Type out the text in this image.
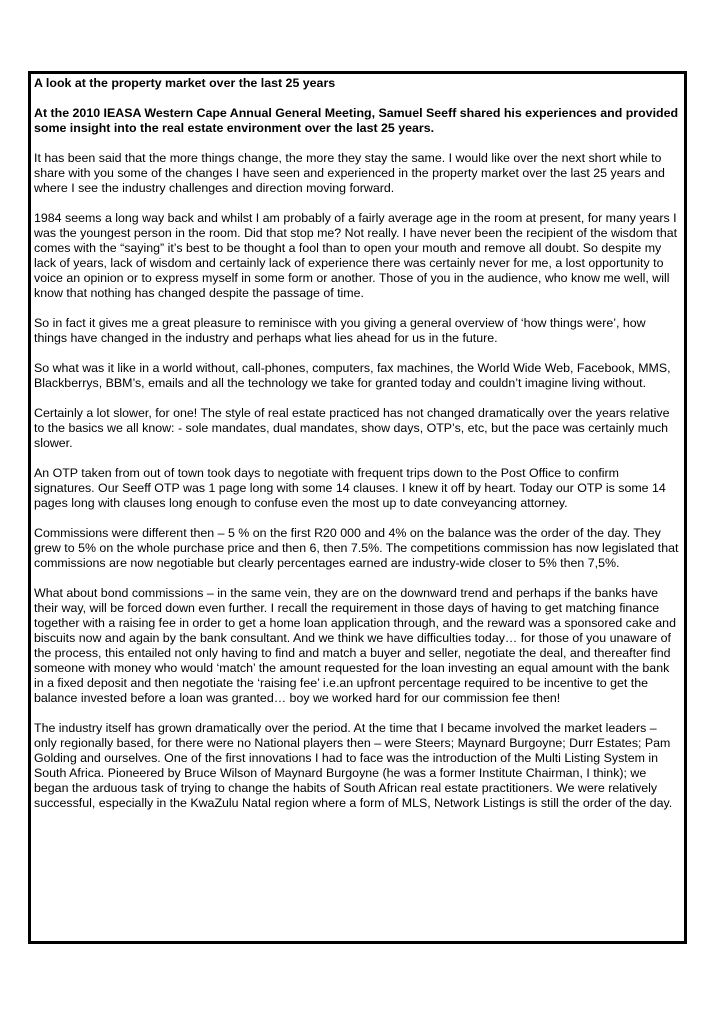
A look at the property market over the last 25 years
At the 2010 IEASA Western Cape Annual General Meeting, Samuel Seeff shared his experiences and provided some insight into the real estate environment over the last 25 years.
It has been said that the more things change, the more they stay the same. I would like over the next short while to share with you some of the changes I have seen and experienced in the property market over the last 25 years and where I see the industry challenges and direction moving forward.
1984 seems a long way back and whilst I am probably of a fairly average age in the room at present, for many years I was the youngest person in the room. Did that stop me? Not really. I have never been the recipient of the wisdom that comes with the “saying” it’s best to be thought a fool than to open your mouth and remove all doubt. So despite my lack of years, lack of wisdom and certainly lack of experience there was certainly never for me, a lost opportunity to voice an opinion or to express myself in some form or another. Those of you in the audience, who know me well, will know that nothing has changed despite the passage of time.
So in fact it gives me a great pleasure to reminisce with you giving a general overview of ‘how things were’, how things have changed in the industry and perhaps what lies ahead for us in the future.
So what was it like in a world without, call-phones, computers, fax machines, the World Wide Web, Facebook, MMS, Blackberrys, BBM’s, emails and all the technology we take for granted today and couldn’t imagine living without.
Certainly a lot slower, for one! The style of real estate practiced has not changed dramatically over the years relative to the basics we all know: - sole mandates, dual mandates, show days, OTP’s, etc, but the pace was certainly much slower.
An OTP taken from out of town took days to negotiate with frequent trips down to the Post Office to confirm signatures. Our Seeff OTP was 1 page long with some 14 clauses. I knew it off by heart. Today our OTP is some 14 pages long with clauses long enough to confuse even the most up to date conveyancing attorney.
Commissions were different then – 5 % on the first R20 000 and 4% on the balance was the order of the day. They grew to 5% on the whole purchase price and then 6, then 7.5%. The competitions commission has now legislated that commissions are now negotiable but clearly percentages earned are industry-wide closer to 5% then 7,5%.
What about bond commissions – in the same vein, they are on the downward trend and perhaps if the banks have their way, will be forced down even further. I recall the requirement in those days of having to get matching finance together with a raising fee in order to get a home loan application through, and the reward was a sponsored cake and biscuits now and again by the bank consultant. And we think we have difficulties today… for those of you unaware of the process, this entailed not only having to find and match a buyer and seller, negotiate the deal, and thereafter find someone with money who would ‘match’ the amount requested for the loan investing an equal amount with the bank in a fixed deposit and then negotiate the ‘raising fee’ i.e.an upfront percentage required to be incentive to get the balance invested before a loan was granted… boy we worked hard for our commission fee then!
The industry itself has grown dramatically over the period. At the time that I became involved the market leaders – only regionally based, for there were no National players then – were Steers; Maynard Burgoyne; Durr Estates; Pam Golding and ourselves. One of the first innovations I had to face was the introduction of the Multi Listing System in South Africa. Pioneered by Bruce Wilson of Maynard Burgoyne (he was a former Institute Chairman, I think); we began the arduous task of trying to change the habits of South African real estate practitioners. We were relatively successful, especially in the KwaZulu Natal region where a form of MLS, Network Listings is still the order of the day.
